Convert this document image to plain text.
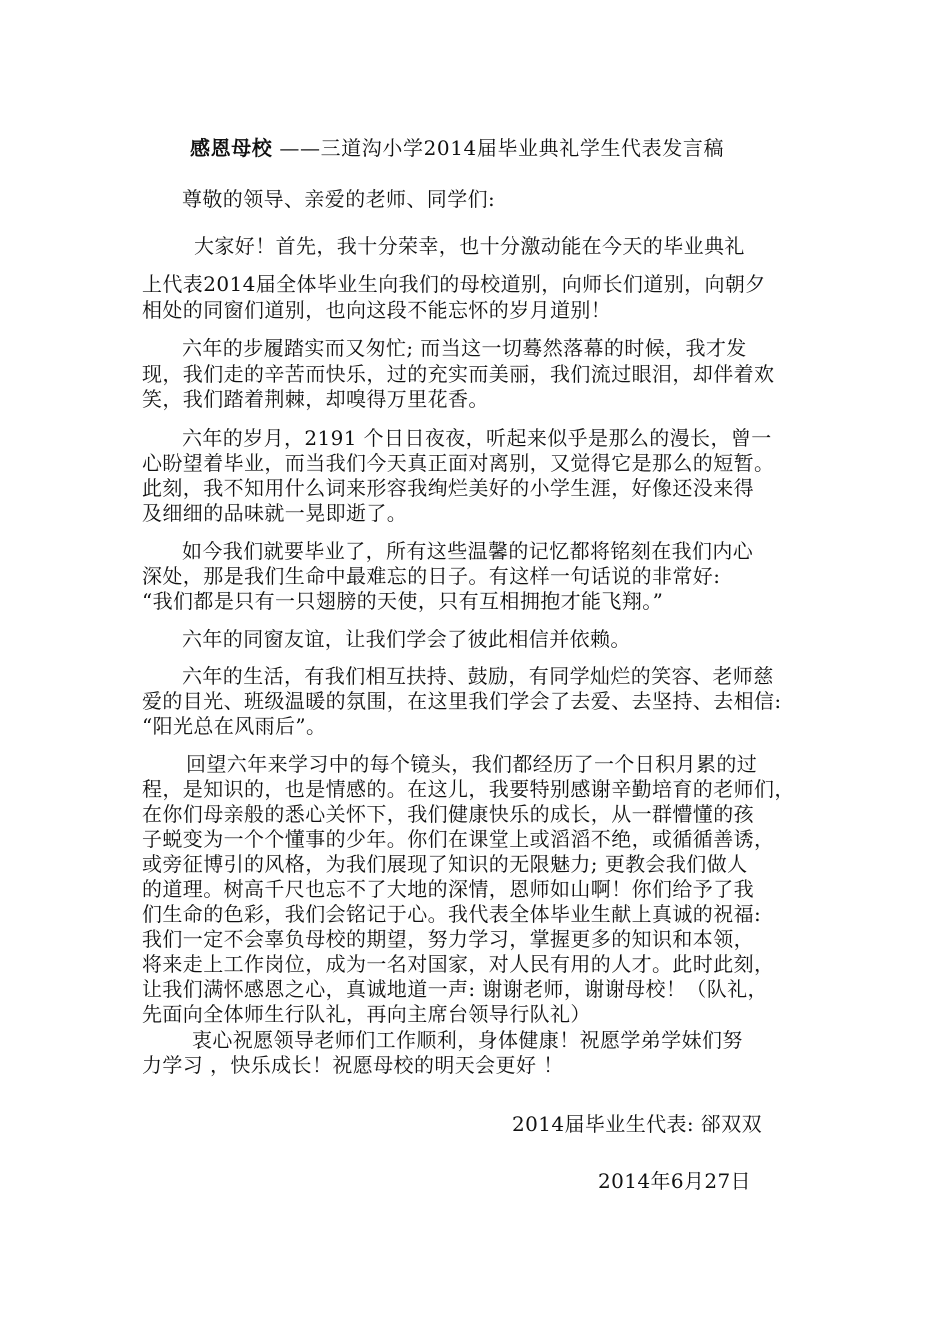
感恩母校 ——三道沟小学2014届毕业典礼学生代表发言稿
尊敬的领导、亲爱的老师、同学们:
大家好！首先，我十分荣幸，也十分激动能在今天的毕业典礼
上代表2014届全体毕业生向我们的母校道别，向师长们道别，向朝夕
相处的同窗们道别，也向这段不能忘怀的岁月道别！
六年的步履踏实而又匆忙; 而当这一切蓦然落幕的时候，我才发
现，我们走的辛苦而快乐，过的充实而美丽，我们流过眼泪，却伴着欢
笑，我们踏着荆棘，却嗅得万里花香。
六年的岁月，2191 个日日夜夜，听起来似乎是那么的漫长，曾一
心盼望着毕业，而当我们今天真正面对离别，又觉得它是那么的短暂。
此刻，我不知用什么词来形容我绚烂美好的小学生涯，好像还没来得
及细细的品味就一晃即逝了。
如今我们就要毕业了，所有这些温馨的记忆都将铭刻在我们内心
深处，那是我们生命中最难忘的日子。有这样一句话说的非常好:
“我们都是只有一只翅膀的天使，只有互相拥抱才能飞翔。”
六年的同窗友谊，让我们学会了彼此相信并依赖。
六年的生活，有我们相互扶持、鼓励，有同学灿烂的笑容、老师慈
爱的目光、班级温暖的氛围，在这里我们学会了去爱、去坚持、去相信:
“阳光总在风雨后”。
回望六年来学习中的每个镜头，我们都经历了一个日积月累的过
程，是知识的，也是情感的。在这儿，我要特别感谢辛勤培育的老师们，
在你们母亲般的悉心关怀下，我们健康快乐的成长，从一群懵懂的孩
子蜕变为一个个懂事的少年。你们在课堂上或滔滔不绝，或循循善诱，
或旁征博引的风格，为我们展现了知识的无限魅力; 更教会我们做人
的道理。树高千尺也忘不了大地的深情，恩师如山啊！你们给予了我
们生命的色彩，我们会铭记于心。我代表全体毕业生献上真诚的祝福:
我们一定不会辜负母校的期望，努力学习，掌握更多的知识和本领，
将来走上工作岗位，成为一名对国家，对人民有用的人才。此时此刻，
让我们满怀感恩之心，真诚地道一声: 谢谢老师，谢谢母校！（队礼，
先面向全体师生行队礼，再向主席台领导行队礼）
衷心祝愿领导老师们工作顺利，身体健康！祝愿学弟学妹们努
力学习 ，快乐成长！祝愿母校的明天会更好 ！
2014届毕业生代表: 郤双双
2014年6月27日
